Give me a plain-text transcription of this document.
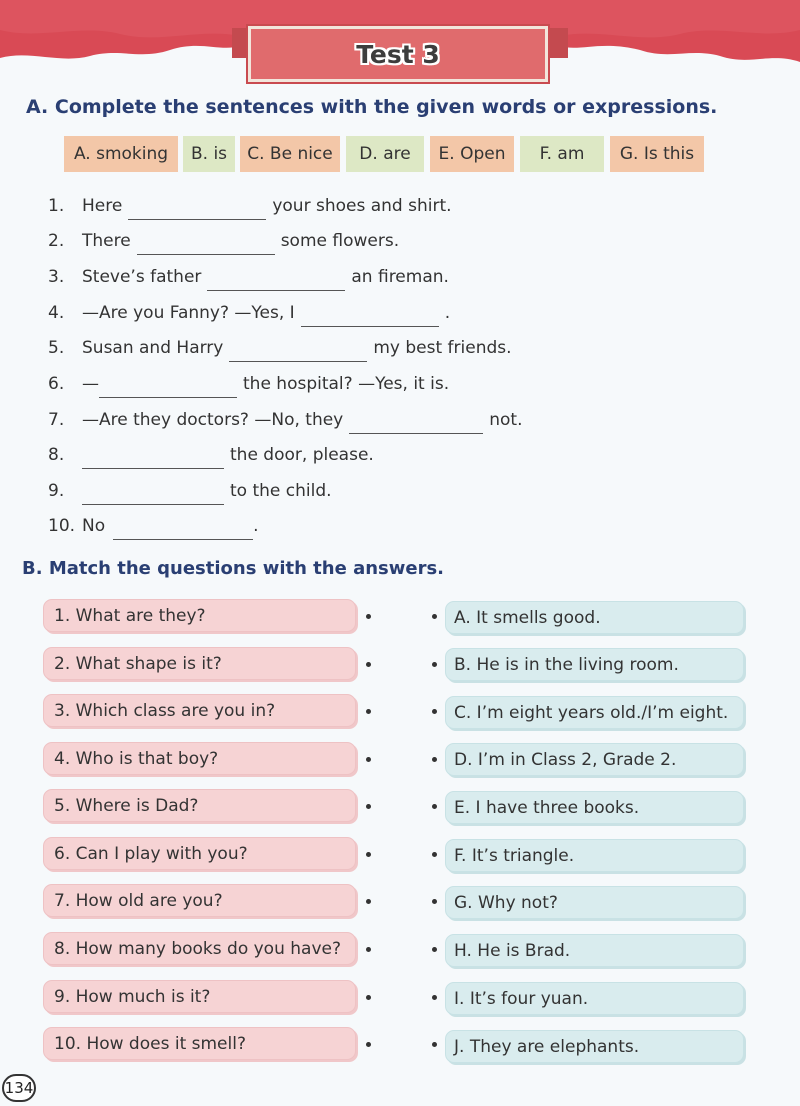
Test 3
A. Complete the sentences with the given words or expressions.
A. smoking	B. is	C. Be nice	D. are	E. Open	F. am	G. Is this
1.	Here	your shoes and shirt.
2.	There	some flowers.
3.	Steve’s father	an fireman.
4.	—Are you Fanny? —Yes, I	.
5.	Susan and Harry	my best friends.
6.	—	the hospital? —Yes, it is.
7.	—Are they doctors? —No, they	not.
8.	the door, please.
9.	to the child.
10. No	.
B. Match the questions with the answers.
1. What are they?
2. What shape is it?
3. Which class are you in?
4. Who is that boy?
5. Where is Dad?
6. Can I play with you?
7. How old are you?
8. How many books do you have?
9. How much is it?
10. How does it smell?
A. It smells good.
B. He is in the living room.
C. I’m eight years old./I’m eight.
D. I’m in Class 2, Grade 2.
E. I have three books.
F. It’s triangle.
G. Why not?
H. He is Brad.
I. It’s four yuan.
J. They are elephants.
134
